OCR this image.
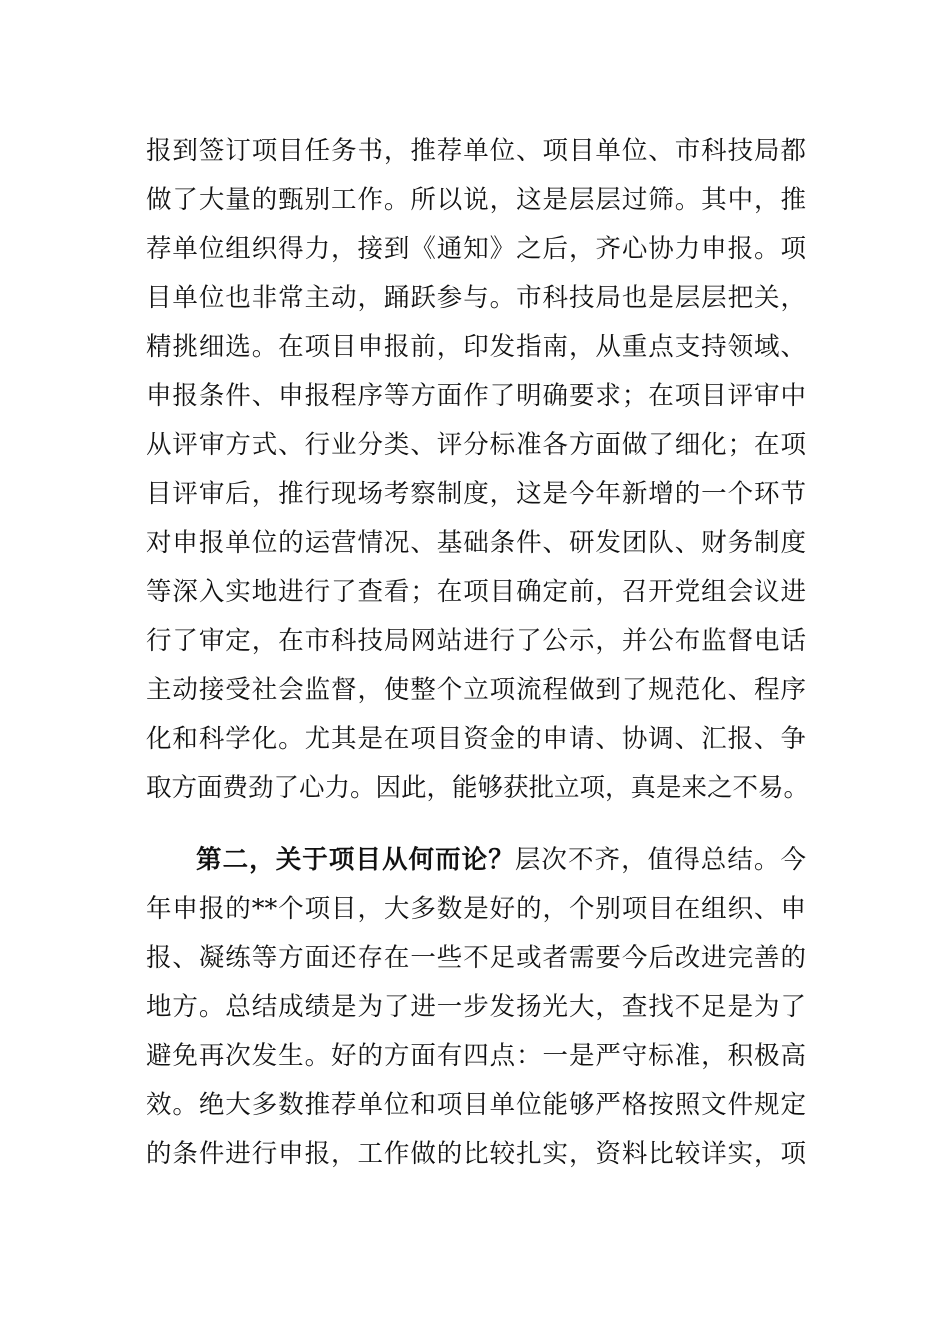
报到签订项目任务书，推荐单位、项目单位、市科技局都
做了大量的甄别工作。所以说，这是层层过筛。其中，推
荐单位组织得力，接到《通知》之后，齐心协力申报。项
目单位也非常主动，踊跃参与。市科技局也是层层把关，
精挑细选。在项目申报前，印发指南，从重点支持领域、
申报条件、申报程序等方面作了明确要求；在项目评审中
从评审方式、行业分类、评分标准各方面做了细化；在项
目评审后，推行现场考察制度，这是今年新增的一个环节
对申报单位的运营情况、基础条件、研发团队、财务制度
等深入实地进行了查看；在项目确定前，召开党组会议进
行了审定，在市科技局网站进行了公示，并公布监督电话
主动接受社会监督，使整个立项流程做到了规范化、程序
化和科学化。尤其是在项目资金的申请、协调、汇报、争
取方面费劲了心力。因此，能够获批立项，真是来之不易。
第二，关于项目从何而论？层次不齐，值得总结。今
年申报的**个项目，大多数是好的，个别项目在组织、申
报、凝练等方面还存在一些不足或者需要今后改进完善的
地方。总结成绩是为了进一步发扬光大，查找不足是为了
避免再次发生。好的方面有四点：一是严守标准，积极高
效。绝大多数推荐单位和项目单位能够严格按照文件规定
的条件进行申报，工作做的比较扎实，资料比较详实，项
